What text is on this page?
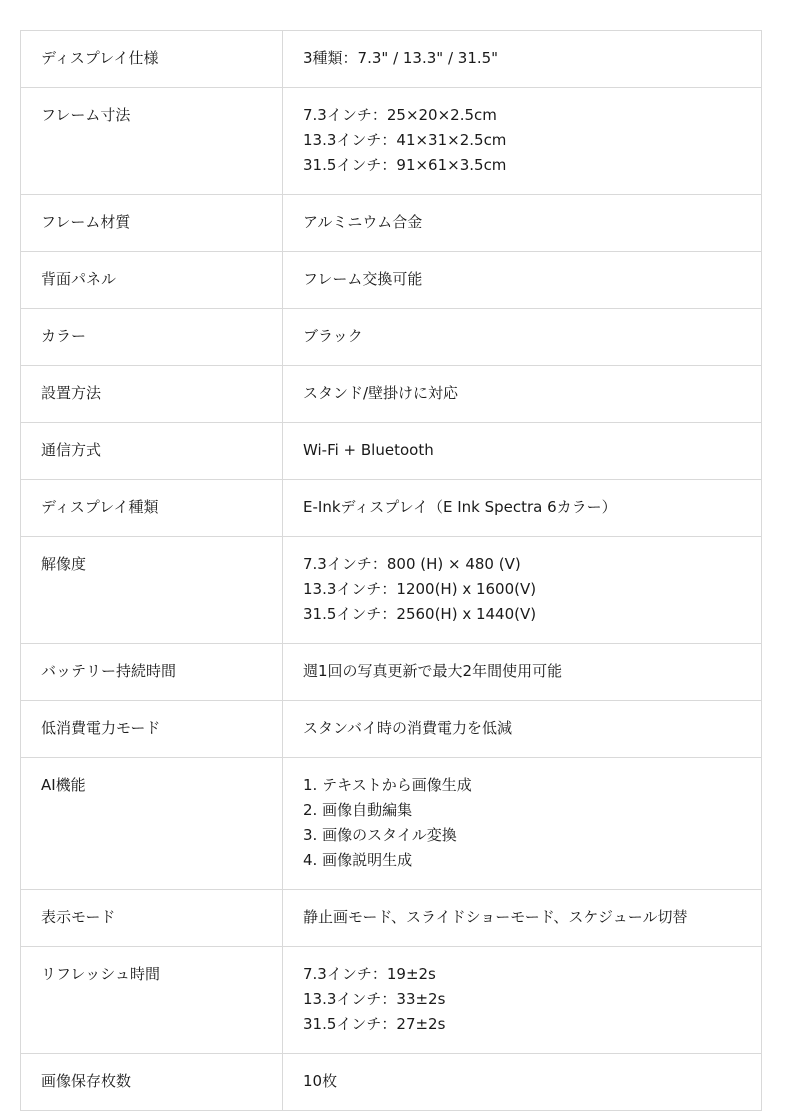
ディスプレイ仕様	3種類：7.3" / 13.3" / 31.5"

フレーム寸法	7.3インチ：25×20×2.5cm
13.3インチ：41×31×2.5cm
31.5インチ：91×61×3.5cm

フレーム材質	アルミニウム合金

背面パネル	フレーム交換可能

カラー	ブラック

設置方法	スタンド/壁掛けに対応

通信方式	Wi-Fi + Bluetooth

ディスプレイ種類	E-Inkディスプレイ（E Ink Spectra 6カラー）

解像度	7.3インチ：800 (H) × 480 (V)
13.3インチ：1200(H) x 1600(V)
31.5インチ：2560(H) x 1440(V)

バッテリー持続時間	週1回の写真更新で最大2年間使用可能

低消費電力モード	スタンバイ時の消費電力を低減

AI機能	1. テキストから画像生成
2. 画像自動編集
3. 画像のスタイル変換
4. 画像説明生成

表示モード	静止画モード、スライドショーモード、スケジュール切替

リフレッシュ時間	7.3インチ：19±2s
13.3インチ：33±2s
31.5インチ：27±2s

画像保存枚数	10枚
